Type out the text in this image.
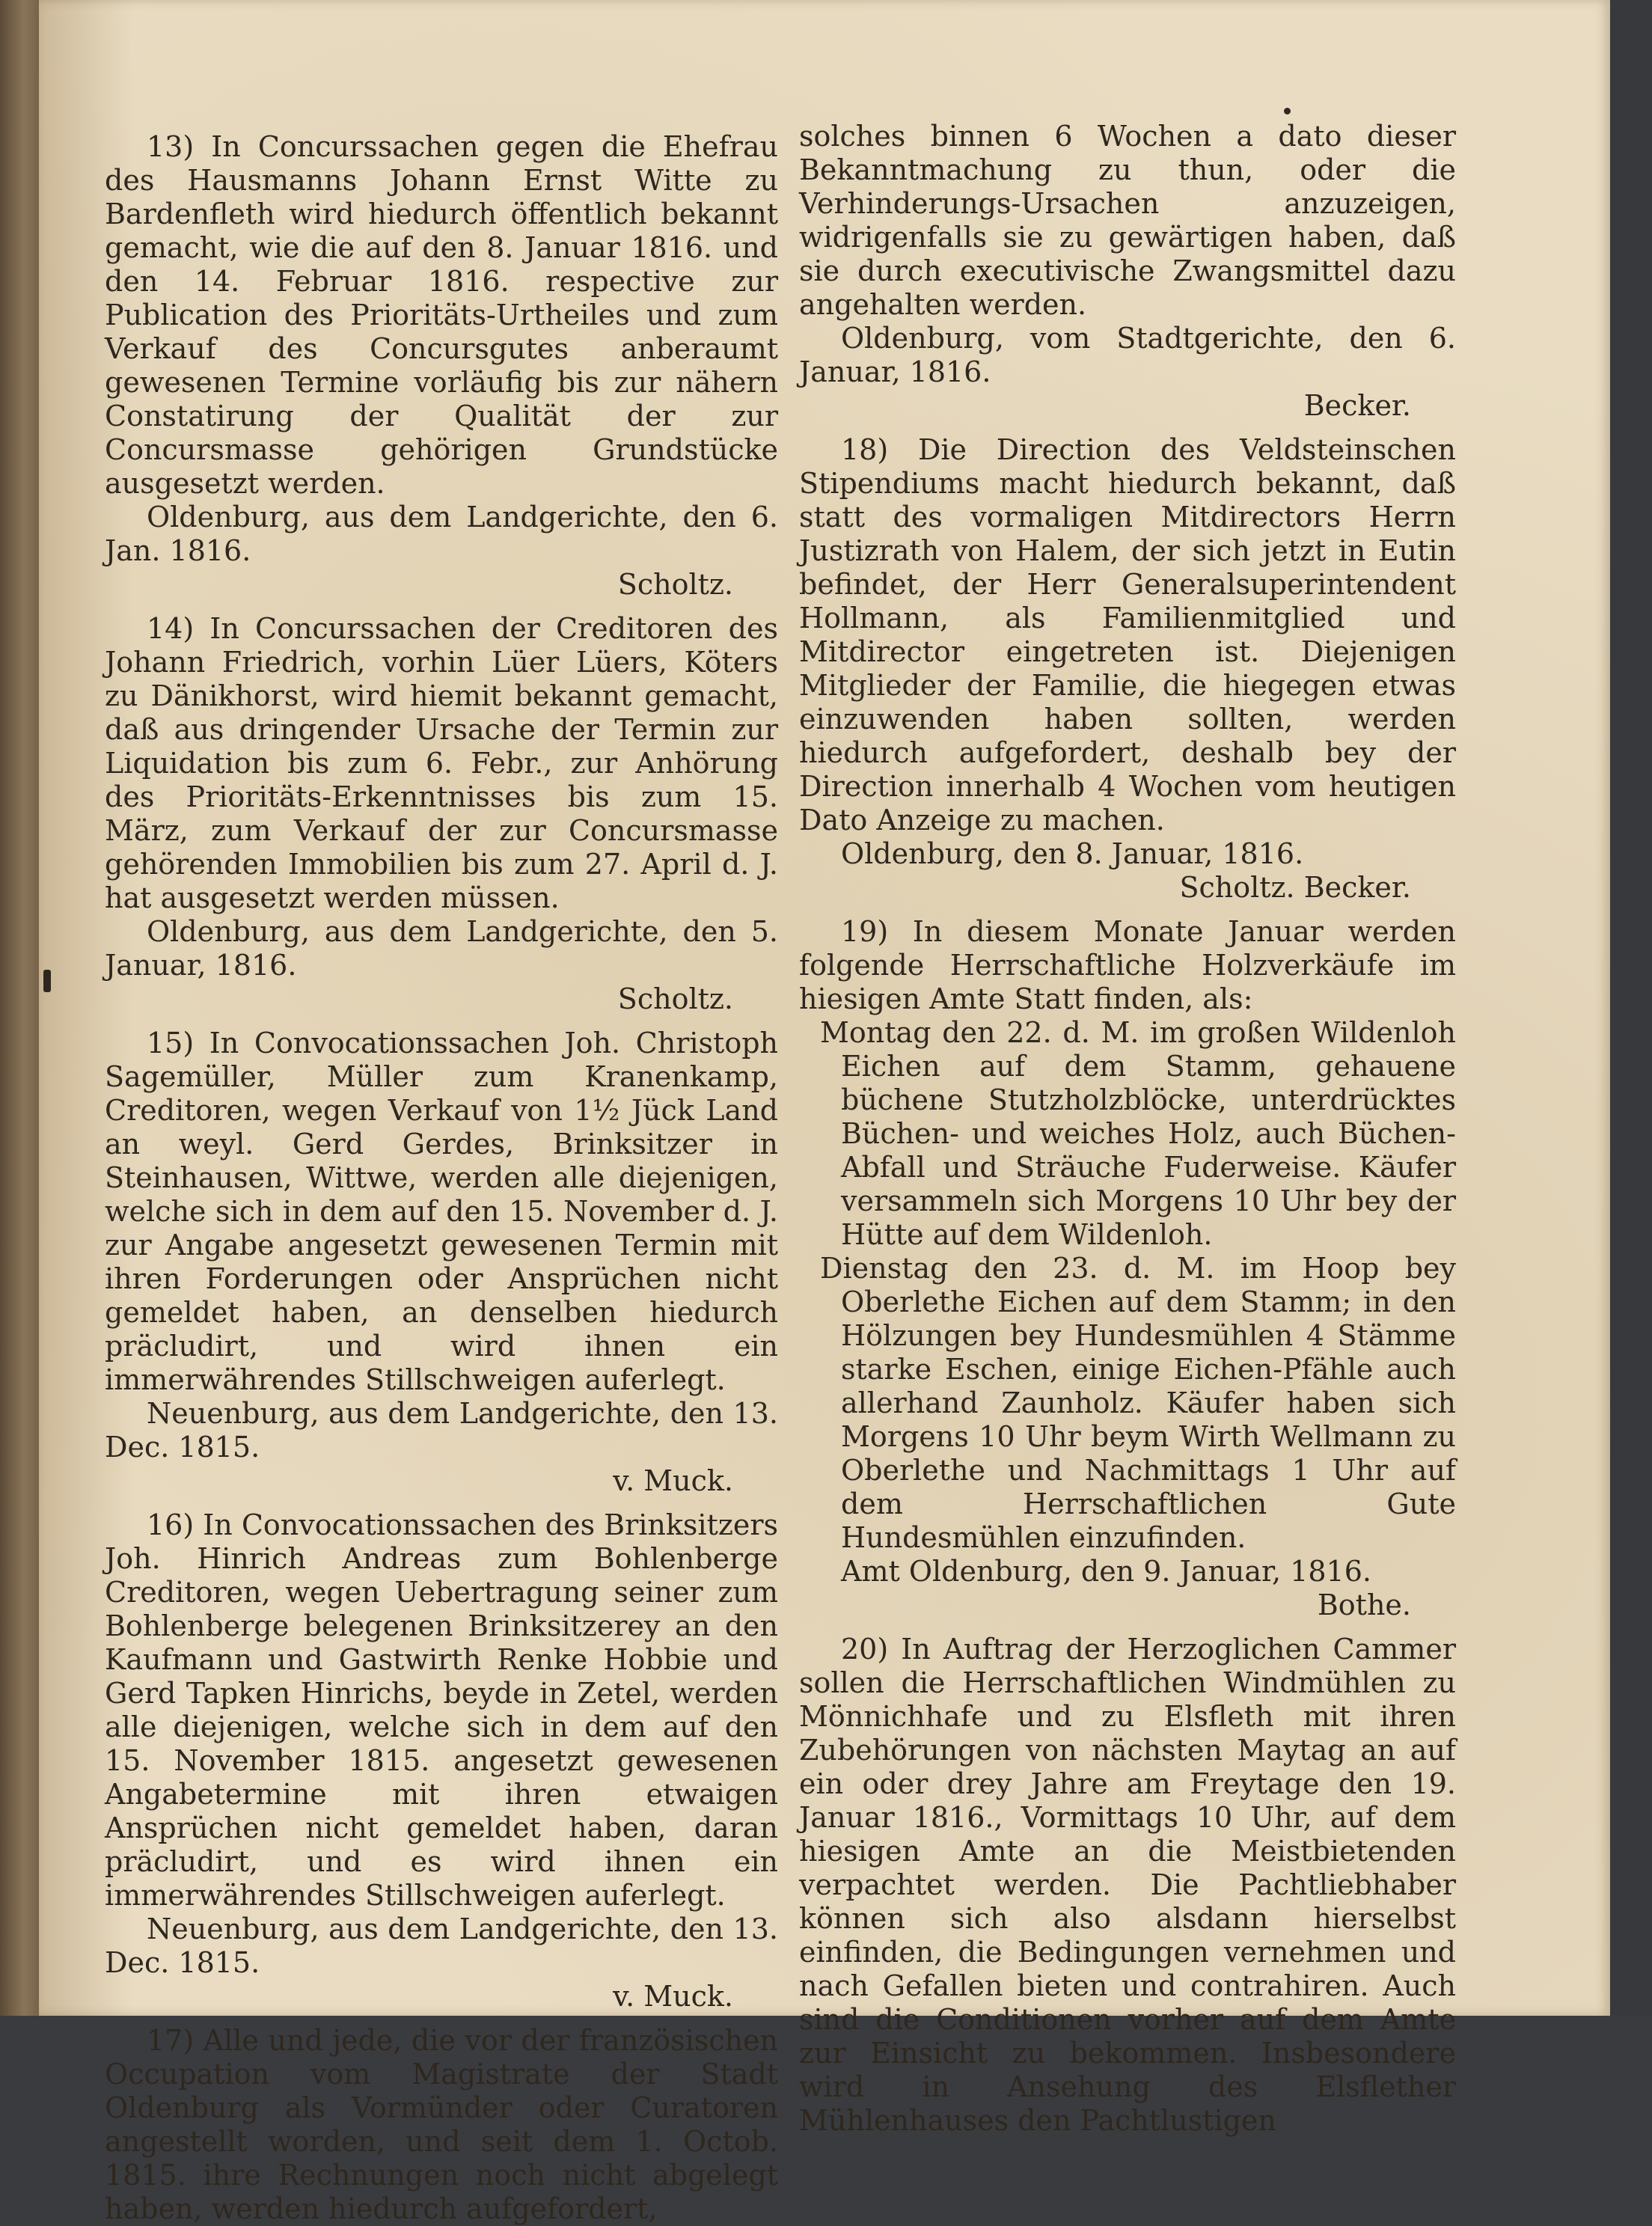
13) In Concurssachen gegen die Ehefrau des Hausmanns Johann Ernst Witte zu Bardenfleth wird hiedurch öffentlich bekannt gemacht, wie die auf den 8. Januar 1816. und den 14. Februar 1816. respective zur Publication des Prioritäts-Urtheiles und zum Verkauf des Concursgutes anberaumt gewesenen Termine vorläufig bis zur nähern Constatirung der Qualität der zur Concursmasse gehörigen Grundstücke ausgesetzt werden.

Oldenburg, aus dem Landgerichte, den 6. Jan. 1816.

Scholtz.

14) In Concurssachen der Creditoren des Johann Friedrich, vorhin Lüer Lüers, Köters zu Dänikhorst, wird hiemit bekannt gemacht, daß aus dringender Ursache der Termin zur Liquidation bis zum 6. Febr., zur Anhörung des Prioritäts-Erkenntnisses bis zum 15. März, zum Verkauf der zur Concursmasse gehörenden Immobilien bis zum 27. April d. J. hat ausgesetzt werden müssen.

Oldenburg, aus dem Landgerichte, den 5. Januar, 1816.

Scholtz.

15) In Convocationssachen Joh. Christoph Sagemüller, Müller zum Kranenkamp, Creditoren, wegen Verkauf von 1½ Jück Land an weyl. Gerd Gerdes, Brinksitzer in Steinhausen, Wittwe, werden alle diejenigen, welche sich in dem auf den 15. November d. J. zur Angabe angesetzt gewesenen Termin mit ihren Forderungen oder Ansprüchen nicht gemeldet haben, an denselben hiedurch präcludirt, und wird ihnen ein immerwährendes Stillschweigen auferlegt.

Neuenburg, aus dem Landgerichte, den 13. Dec. 1815.

v. Muck.

16) In Convocationssachen des Brinksitzers Joh. Hinrich Andreas zum Bohlenberge Creditoren, wegen Uebertragung seiner zum Bohlenberge belegenen Brinksitzerey an den Kaufmann und Gastwirth Renke Hobbie und Gerd Tapken Hinrichs, beyde in Zetel, werden alle diejenigen, welche sich in dem auf den 15. November 1815. angesetzt gewesenen Angabetermine mit ihren etwaigen Ansprüchen nicht gemeldet haben, daran präcludirt, und es wird ihnen ein immerwährendes Stillschweigen auferlegt.

Neuenburg, aus dem Landgerichte, den 13. Dec. 1815.

v. Muck.

17) Alle und jede, die vor der französischen Occupation vom Magistrate der Stadt Oldenburg als Vormünder oder Curatoren angestellt worden, und seit dem 1. Octob. 1815. ihre Rechnungen noch nicht abgelegt haben, werden hiedurch aufgefordert,

solches binnen 6 Wochen a dato dieser Bekanntmachung zu thun, oder die Verhinderungs-Ursachen anzuzeigen, widrigenfalls sie zu gewärtigen haben, daß sie durch executivische Zwangsmittel dazu angehalten werden.

Oldenburg, vom Stadtgerichte, den 6. Januar, 1816.

Becker.

18) Die Direction des Veldsteinschen Stipendiums macht hiedurch bekannt, daß statt des vormaligen Mitdirectors Herrn Justizrath von Halem, der sich jetzt in Eutin befindet, der Herr Generalsuperintendent Hollmann, als Familienmitglied und Mitdirector eingetreten ist. Diejenigen Mitglieder der Familie, die hiegegen etwas einzuwenden haben sollten, werden hiedurch aufgefordert, deshalb bey der Direction innerhalb 4 Wochen vom heutigen Dato Anzeige zu machen.

Oldenburg, den 8. Januar, 1816.

Scholtz. Becker.

19) In diesem Monate Januar werden folgende Herrschaftliche Holzverkäufe im hiesigen Amte Statt finden, als:

Montag den 22. d. M. im großen Wildenloh Eichen auf dem Stamm, gehauene büchene Stutzholzblöcke, unterdrücktes Büchen- und weiches Holz, auch Büchen-Abfall und Sträuche Fuderweise. Käufer versammeln sich Morgens 10 Uhr bey der Hütte auf dem Wildenloh.

Dienstag den 23. d. M. im Hoop bey Oberlethe Eichen auf dem Stamm; in den Hölzungen bey Hundesmühlen 4 Stämme starke Eschen, einige Eichen-Pfähle auch allerhand Zaunholz. Käufer haben sich Morgens 10 Uhr beym Wirth Wellmann zu Oberlethe und Nachmittags 1 Uhr auf dem Herrschaftlichen Gute Hundesmühlen einzufinden.

Amt Oldenburg, den 9. Januar, 1816.

Bothe.

20) In Auftrag der Herzoglichen Cammer sollen die Herrschaftlichen Windmühlen zu Mönnichhafe und zu Elsfleth mit ihren Zubehörungen von nächsten Maytag an auf ein oder drey Jahre am Freytage den 19. Januar 1816., Vormittags 10 Uhr, auf dem hiesigen Amte an die Meistbietenden verpachtet werden. Die Pachtliebhaber können sich also alsdann hierselbst einfinden, die Bedingungen vernehmen und nach Gefallen bieten und contrahiren. Auch sind die Conditionen vorher auf dem Amte zur Einsicht zu bekommen. Insbesondere wird in Ansehung des Elsflether Mühlenhauses den Pachtlustigen
